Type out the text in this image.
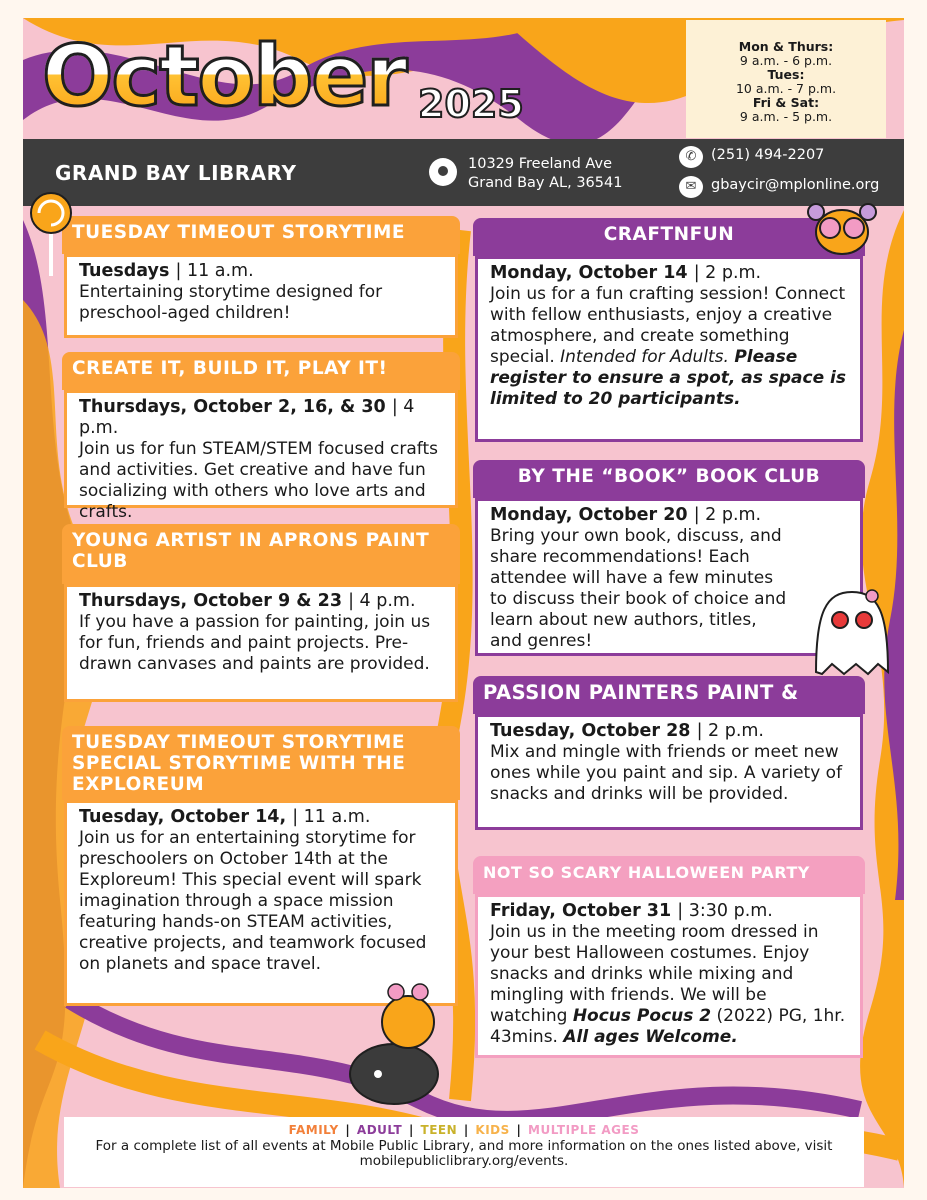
October 2025
Mon & Thurs:
9 a.m. - 6 p.m.
Tues:
10 a.m. - 7 p.m.
Fri & Sat:
9 a.m. - 5 p.m.
GRAND BAY LIBRARY	10329 Freeland Ave
Grand Bay AL, 36541
✆	(251) 494-2207
✉	gbaycir@mplonline.org
TUESDAY TIMEOUT STORYTIME
Tuesdays | 11 a.m.
Entertaining storytime designed for preschool-aged children!
CREATE IT, BUILD IT, PLAY IT!
Thursdays, October 2, 16, & 30 | 4 p.m.
Join us for fun STEAM/STEM focused crafts and activities. Get creative and have fun socializing with others who love arts and crafts.
YOUNG ARTIST IN APRONS PAINT CLUB
Thursdays, October 9 & 23 | 4 p.m.
If you have a passion for painting, join us for fun, friends and paint projects. Pre-drawn canvases and paints are provided.
TUESDAY TIMEOUT STORYTIME SPECIAL STORYTIME WITH THE EXPLOREUM
Tuesday, October 14, | 11 a.m.
Join us for an entertaining storytime for preschoolers on October 14th at the Exploreum! This special event will spark imagination through a space mission featuring hands-on STEAM activities, creative projects, and teamwork focused on planets and space travel.
CRAFTNFUN
Monday, October 14 | 2 p.m.
Join us for a fun crafting session! Connect with fellow enthusiasts, enjoy a creative atmosphere, and create something special. Intended for Adults. Please register to ensure a spot, as space is limited to 20 participants.
BY THE “BOOK” BOOK CLUB
Monday, October 20 | 2 p.m.
Bring your own book, discuss, and share recommendations! Each attendee will have a few minutes to discuss their book of choice and learn about new authors, titles, and genres!
PASSION PAINTERS PAINT &
Tuesday, October 28 | 2 p.m.
Mix and mingle with friends or meet new ones while you paint and sip. A variety of snacks and drinks will be provided.
NOT SO SCARY HALLOWEEN PARTY
Friday, October 31 | 3:30 p.m.
Join us in the meeting room dressed in your best Halloween costumes. Enjoy snacks and drinks while mixing and mingling with friends. We will be watching Hocus Pocus 2 (2022) PG, 1hr. 43mins. All ages Welcome.
FAMILY | ADULT | TEEN | KIDS | MULTIPLE AGES
For a complete list of all events at Mobile Public Library, and more information on the ones listed above, visit mobilepubliclibrary.org/events.
